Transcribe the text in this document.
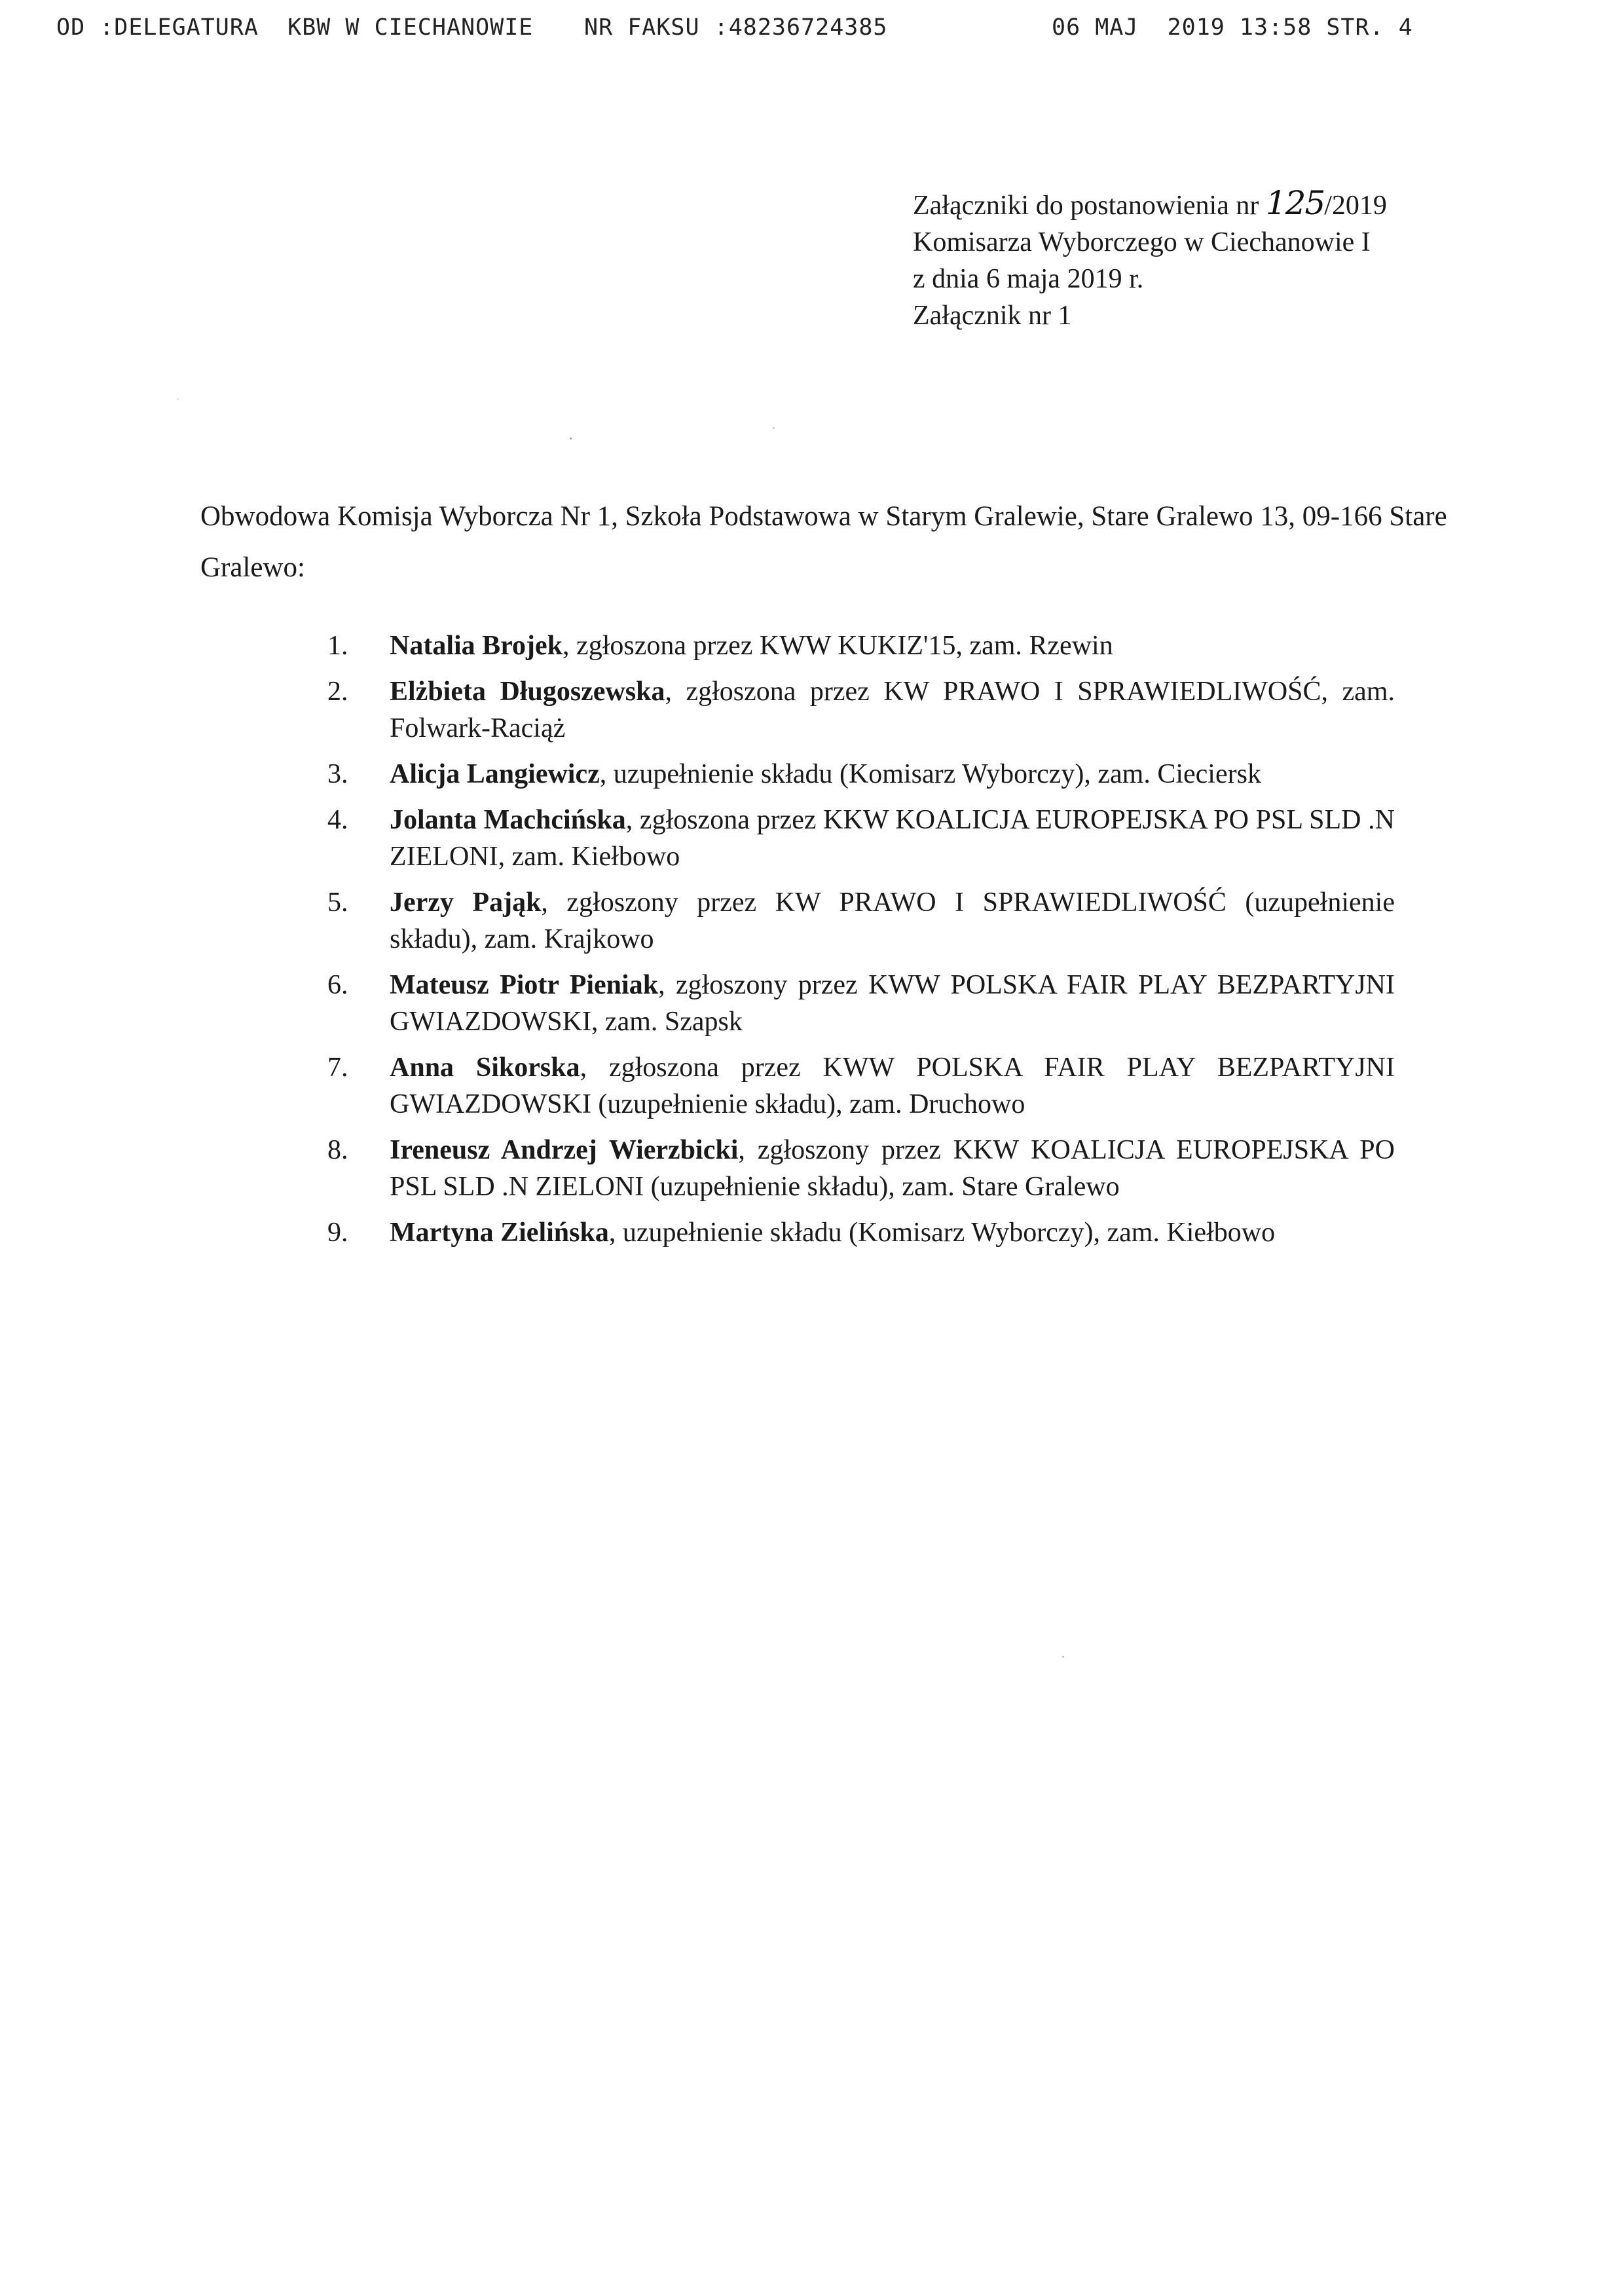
OD :DELEGATURA  KBW W CIECHANOWIE NR FAKSU :48236724385	06 MAJ  2019 13:58 STR. 4
Załączniki do postanowienia nr 125/2019
Komisarza Wyborczego w Ciechanowie I
z dnia 6 maja 2019 r.
Załącznik nr 1
Obwodowa Komisja Wyborcza Nr 1, Szkoła Podstawowa w Starym Gralewie, Stare Gralewo 13, 09-166 Stare Gralewo:
1. Natalia Brojek, zgłoszona przez KWW KUKIZ'15, zam. Rzewin
2. Elżbieta Długoszewska, zgłoszona przez KW PRAWO I SPRAWIEDLIWOŚĆ, zam. Folwark-Raciąż
3. Alicja Langiewicz, uzupełnienie składu (Komisarz Wyborczy), zam. Cieciersk
4. Jolanta Machcińska, zgłoszona przez KKW KOALICJA EUROPEJSKA PO PSL SLD .N ZIELONI, zam. Kiełbowo
5. Jerzy Pająk, zgłoszony przez KW PRAWO I SPRAWIEDLIWOŚĆ (uzupełnienie składu), zam. Krajkowo
6. Mateusz Piotr Pieniak, zgłoszony przez KWW POLSKA FAIR PLAY BEZPARTYJNI GWIAZDOWSKI, zam. Szapsk
7. Anna Sikorska, zgłoszona przez KWW POLSKA FAIR PLAY BEZPARTYJNI GWIAZDOWSKI (uzupełnienie składu), zam. Druchowo
8. Ireneusz Andrzej Wierzbicki, zgłoszony przez KKW KOALICJA EUROPEJSKA PO PSL SLD .N ZIELONI (uzupełnienie składu), zam. Stare Gralewo
9. Martyna Zielińska, uzupełnienie składu (Komisarz Wyborczy), zam. Kiełbowo
